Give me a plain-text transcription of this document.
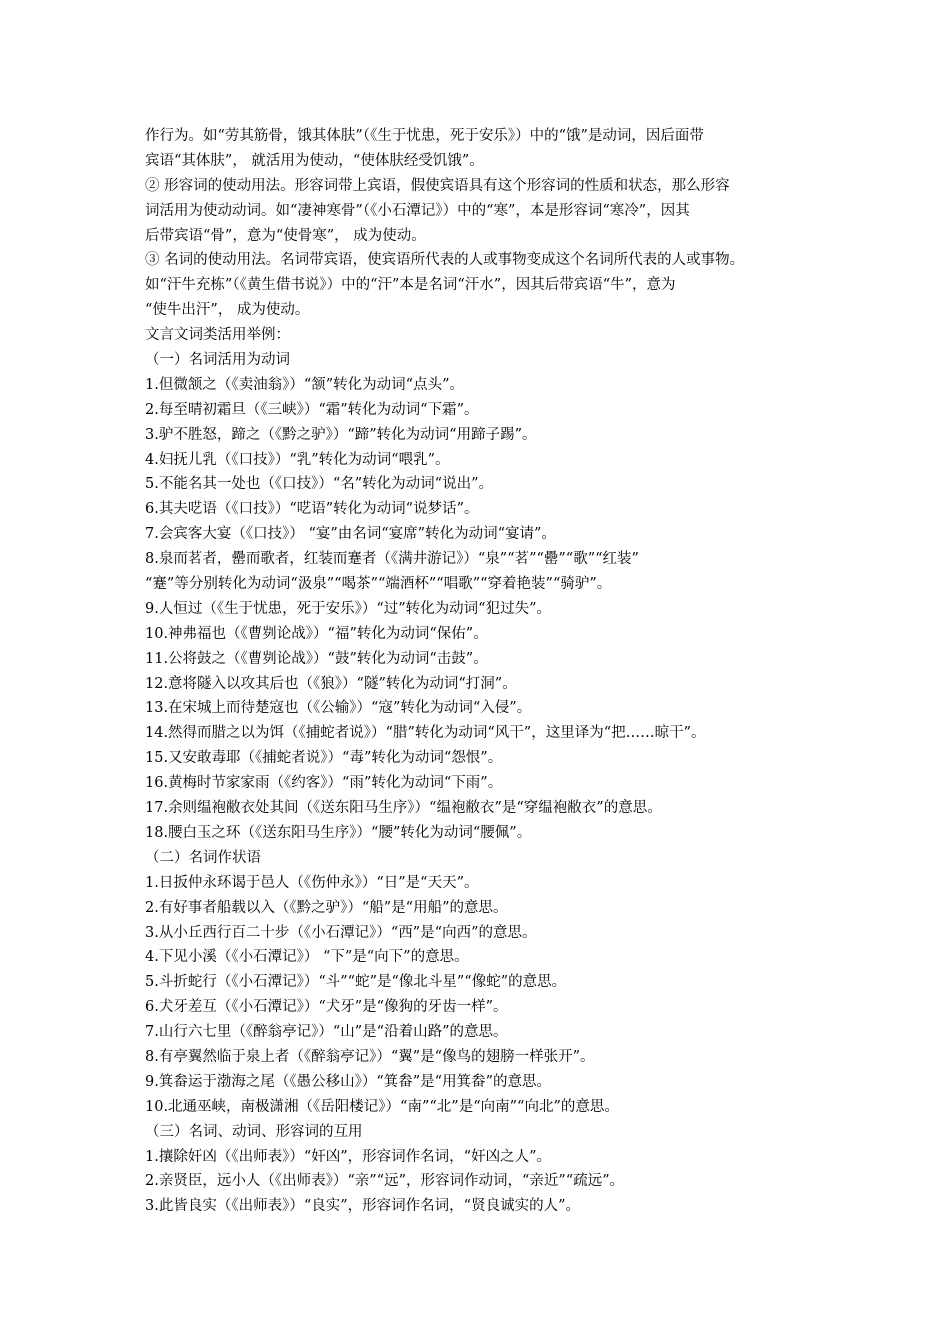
作行为。如“劳其筋骨，饿其体肤”（《生于忧患，死于安乐》）中的“饿”是动词，因后面带
宾语“其体肤”， 就活用为使动，“使体肤经受饥饿”。
② 形容词的使动用法。形容词带上宾语，假使宾语具有这个形容词的性质和状态，那么形容
词活用为使动动词。如“凄神寒骨”（《小石潭记》）中的“寒”，本是形容词“寒冷”，因其
后带宾语“骨”，意为“使骨寒”， 成为使动。
③ 名词的使动用法。名词带宾语，使宾语所代表的人或事物变成这个名词所代表的人或事物。
如“汗牛充栋”（《黄生借书说》）中的“汗”本是名词“汗水”，因其后带宾语“牛”，意为
“使牛出汗”， 成为使动。
文言文词类活用举例：
（一）名词活用为动词
1.但微颔之（《卖油翁》）“颔”转化为动词“点头”。
2.每至晴初霜旦（《三峡》）“霜”转化为动词“下霜”。
3.驴不胜怒，蹄之（《黔之驴》）“蹄”转化为动词“用蹄子踢”。
4.妇抚儿乳（《口技》）“乳”转化为动词“喂乳”。
5.不能名其一处也（《口技》）“名”转化为动词“说出”。
6.其夫呓语（《口技》）“呓语”转化为动词“说梦话”。
7.会宾客大宴（《口技》） “宴”由名词“宴席”转化为动词“宴请”。
8.泉而茗者，罍而歌者，红装而蹇者（《满井游记》）“泉”“茗”“罍”“歌”“红装”
“蹇”等分别转化为动词“汲泉”“喝茶”“端酒杯”“唱歌”“穿着艳装”“骑驴”。
9.人恒过（《生于忧患，死于安乐》）“过”转化为动词“犯过失”。
10.神弗福也（《曹刿论战》）“福”转化为动词“保佑”。
11.公将鼓之（《曹刿论战》）“鼓”转化为动词“击鼓”。
12.意将隧入以攻其后也（《狼》）“隧”转化为动词“打洞”。
13.在宋城上而待楚寇也（《公输》）“寇”转化为动词“入侵”。
14.然得而腊之以为饵（《捕蛇者说》）“腊”转化为动词“风干”，这里译为“把……晾干”。
15.又安敢毒耶（《捕蛇者说》）“毒”转化为动词“怨恨”。
16.黄梅时节家家雨（《约客》）“雨”转化为动词“下雨”。
17.余则缊袍敝衣处其间（《送东阳马生序》）“缊袍敝衣”是“穿缊袍敝衣”的意思。
18.腰白玉之环（《送东阳马生序》）“腰”转化为动词“腰佩”。
（二）名词作状语
1.日扳仲永环谒于邑人（《伤仲永》）“日”是“天天”。
2.有好事者船载以入（《黔之驴》）“船”是“用船”的意思。
3.从小丘西行百二十步（《小石潭记》）“西”是“向西”的意思。
4.下见小溪（《小石潭记》） “下”是“向下”的意思。
5.斗折蛇行（《小石潭记》）“斗”“蛇”是“像北斗星”“像蛇”的意思。
6.犬牙差互（《小石潭记》）“犬牙”是“像狗的牙齿一样”。
7.山行六七里（《醉翁亭记》）“山”是“沿着山路”的意思。
8.有亭翼然临于泉上者（《醉翁亭记》）“翼”是“像鸟的翅膀一样张开”。
9.箕畚运于渤海之尾（《愚公移山》）“箕畚”是“用箕畚”的意思。
10.北通巫峡，南极潇湘（《岳阳楼记》）“南”“北”是“向南”“向北”的意思。
（三）名词、动词、形容词的互用
1.攘除奸凶（《出师表》）“奸凶”，形容词作名词，“奸凶之人”。
2.亲贤臣，远小人（《出师表》）“亲”“远”，形容词作动词，“亲近”“疏远”。
3.此皆良实（《出师表》）“良实”，形容词作名词，“贤良诚实的人”。
